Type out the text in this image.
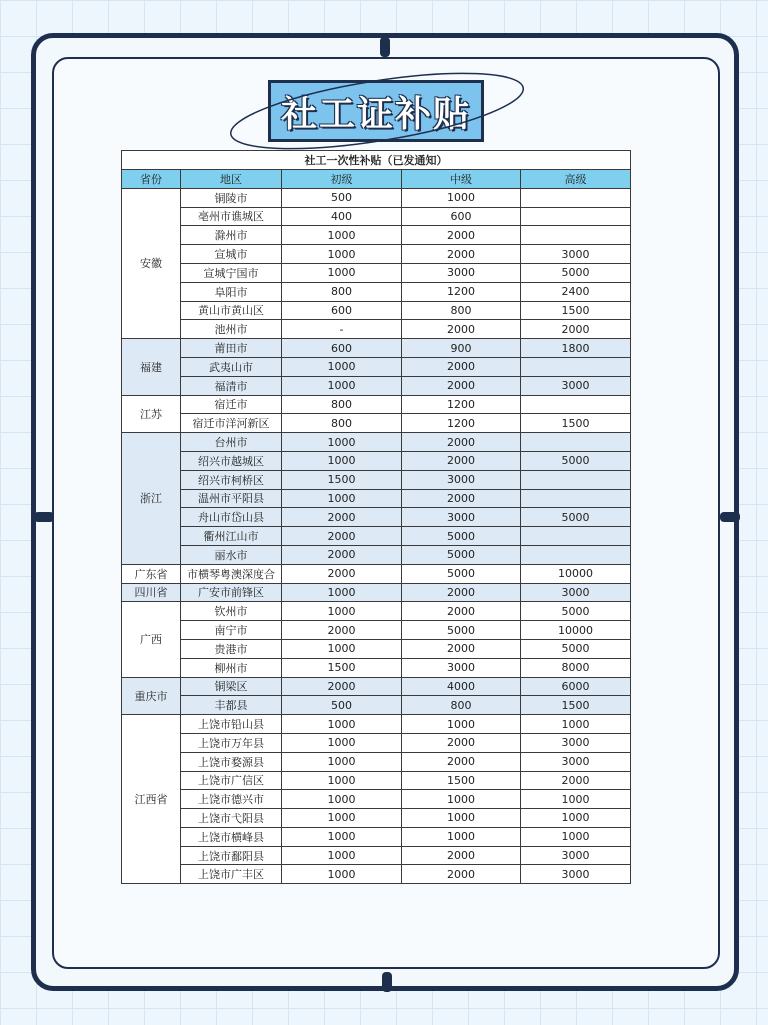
社工证补贴
社工一次性补贴（已发通知）				
省份	地区	初级	中级	高级
安徽	铜陵市	500	1000	
	亳州市谯城区	400	600	
	滁州市	1000	2000	
	宣城市	1000	2000	3000
	宣城宁国市	1000	3000	5000
	阜阳市	800	1200	2400
	黄山市黄山区	600	800	1500
	池州市	-	2000	2000
福建	莆田市	600	900	1800
	武夷山市	1000	2000	
	福清市	1000	2000	3000
江苏	宿迁市	800	1200	
	宿迁市洋河新区	800	1200	1500
浙江	台州市	1000	2000	
	绍兴市越城区	1000	2000	5000
	绍兴市柯桥区	1500	3000	
	温州市平阳县	1000	2000	
	舟山市岱山县	2000	3000	5000
	衢州江山市	2000	5000	
	丽水市	2000	5000	
广东省	市横琴粤澳深度合	2000	5000	10000
四川省	广安市前锋区	1000	2000	3000
广西	钦州市	1000	2000	5000
	南宁市	2000	5000	10000
	贵港市	1000	2000	5000
	柳州市	1500	3000	8000
重庆市	铜梁区	2000	4000	6000
	丰都县	500	800	1500
江西省	上饶市铅山县	1000	1000	1000
	上饶市万年县	1000	2000	3000
	上饶市婺源县	1000	2000	3000
	上饶市广信区	1000	1500	2000
	上饶市德兴市	1000	1000	1000
	上饶市弋阳县	1000	1000	1000
	上饶市横峰县	1000	1000	1000
	上饶市鄱阳县	1000	2000	3000
	上饶市广丰区	1000	2000	3000
